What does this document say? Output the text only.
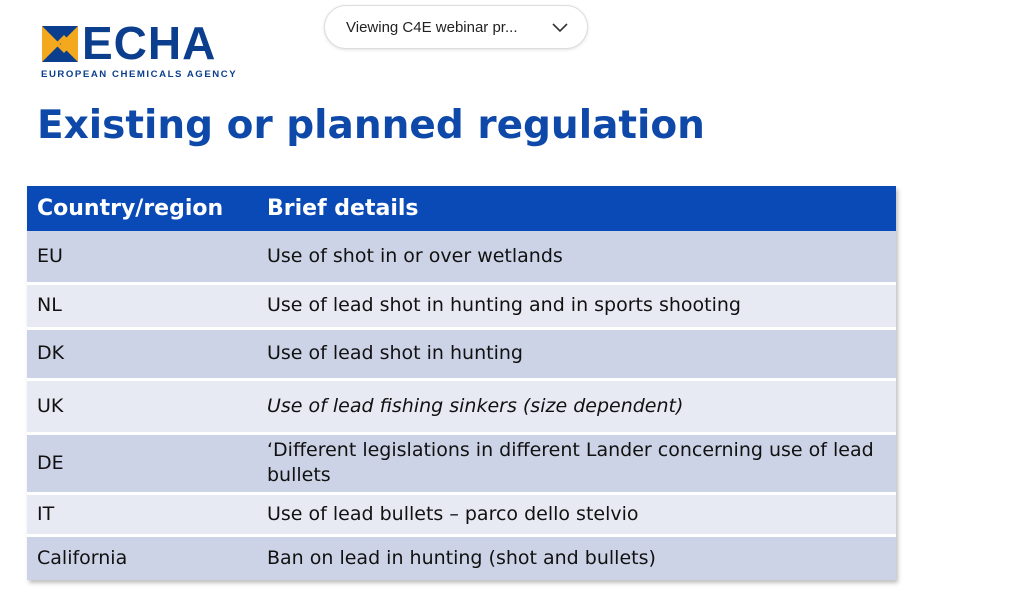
ECHA
EUROPEAN CHEMICALS AGENCY
Viewing C4E webinar pr...
Existing or planned regulation
Country/region	Brief details
EU	Use of shot in or over wetlands
NL	Use of lead shot in hunting and in sports shooting
DK	Use of lead shot in hunting
UK	Use of lead fishing sinkers (size dependent)
DE	‘Different legislations in different Lander concerning use of lead bullets
IT	Use of lead bullets – parco dello stelvio
California	Ban on lead in hunting (shot and bullets)
